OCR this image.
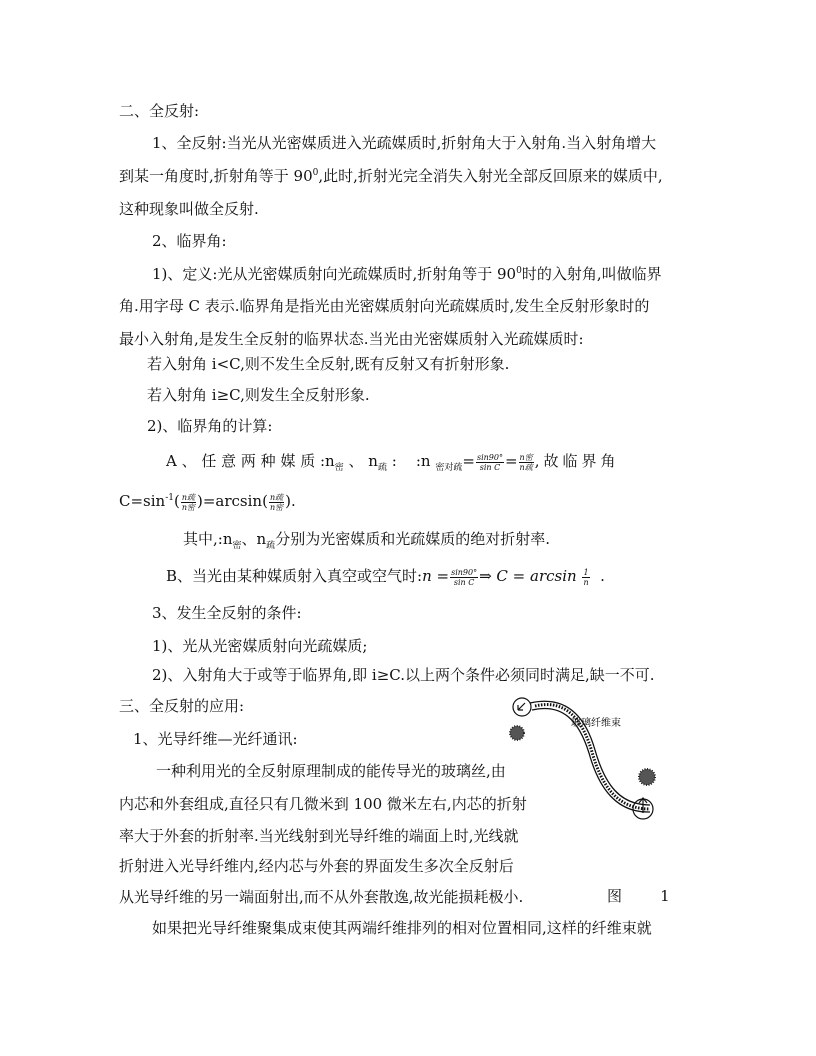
二、全反射:
1、全反射:当光从光密媒质进入光疏媒质时,折射角大于入射角.当入射角增大
到某一角度时,折射角等于 $90^0$,此时,折射光完全消失入射光全部反回原来的媒质中,
这种现象叫做全反射.
2、临界角:
1)、定义:光从光密媒质射向光疏媒质时,折射角等于 $90^0$时的入射角,叫做临界
角.用字母 C 表示.临界角是指光由光密媒质射向光疏媒质时,发生全反射形象时的
最小入射角,是发生全反射的临界状态.当光由光密媒质射入光疏媒质时:
若入射角 i<C,则不发生全反射,既有反射又有折射形象.
若入射角 i≥C,则发生全反射形象.
2)、临界角的计算:
A 、 任 意 两 种 媒 质 $:n_密$ 、 $n_疏$ : :n $_{密对疏}= \frac{\sin 90^\circ}{\text{sin C}} = \frac{\text{n密}}{\text{n疏}}$ ,故临界角
$C=\sin^{-1}( \frac{\text{n疏}}{\text{n密}} )=\arcsin( \frac{\text{n疏}}{\text{n密}}$ ).
其中$,:n_密$、$n_疏$分别为光密媒质和光疏媒质的绝对折射率.
B、当光由某种媒质射入真空或空气时:n = $\frac{\sin 90^\circ}{\text{sin C}}$ ⇒ $C = \arcsin \frac{1}{n}$ .
3、发生全反射的条件:
1)、光从光密媒质射向光疏媒质;
2)、入射角大于或等于临界角,即 i≥C.以上两个条件必须同时满足,缺一不可.
三、全反射的应用:
1、光导纤维—光纤通讯:
一种利用光的全反射原理制成的能传导光的玻璃丝,由
内芯和外套组成,直径只有几微米到 100 微米左右,内芯的折射
率大于外套的折射率.当光线射到光导纤维的端面上时,光线就
折射进入光导纤维内,经内芯与外套的界面发生多次全反射后
从光导纤维的另一端面射出,而不从外套散逸,故光能损耗极小.	图        1
如果把光导纤维聚集成束使其两端纤维排列的相对位置相同,这样的纤维束就
玻璃纤维束
